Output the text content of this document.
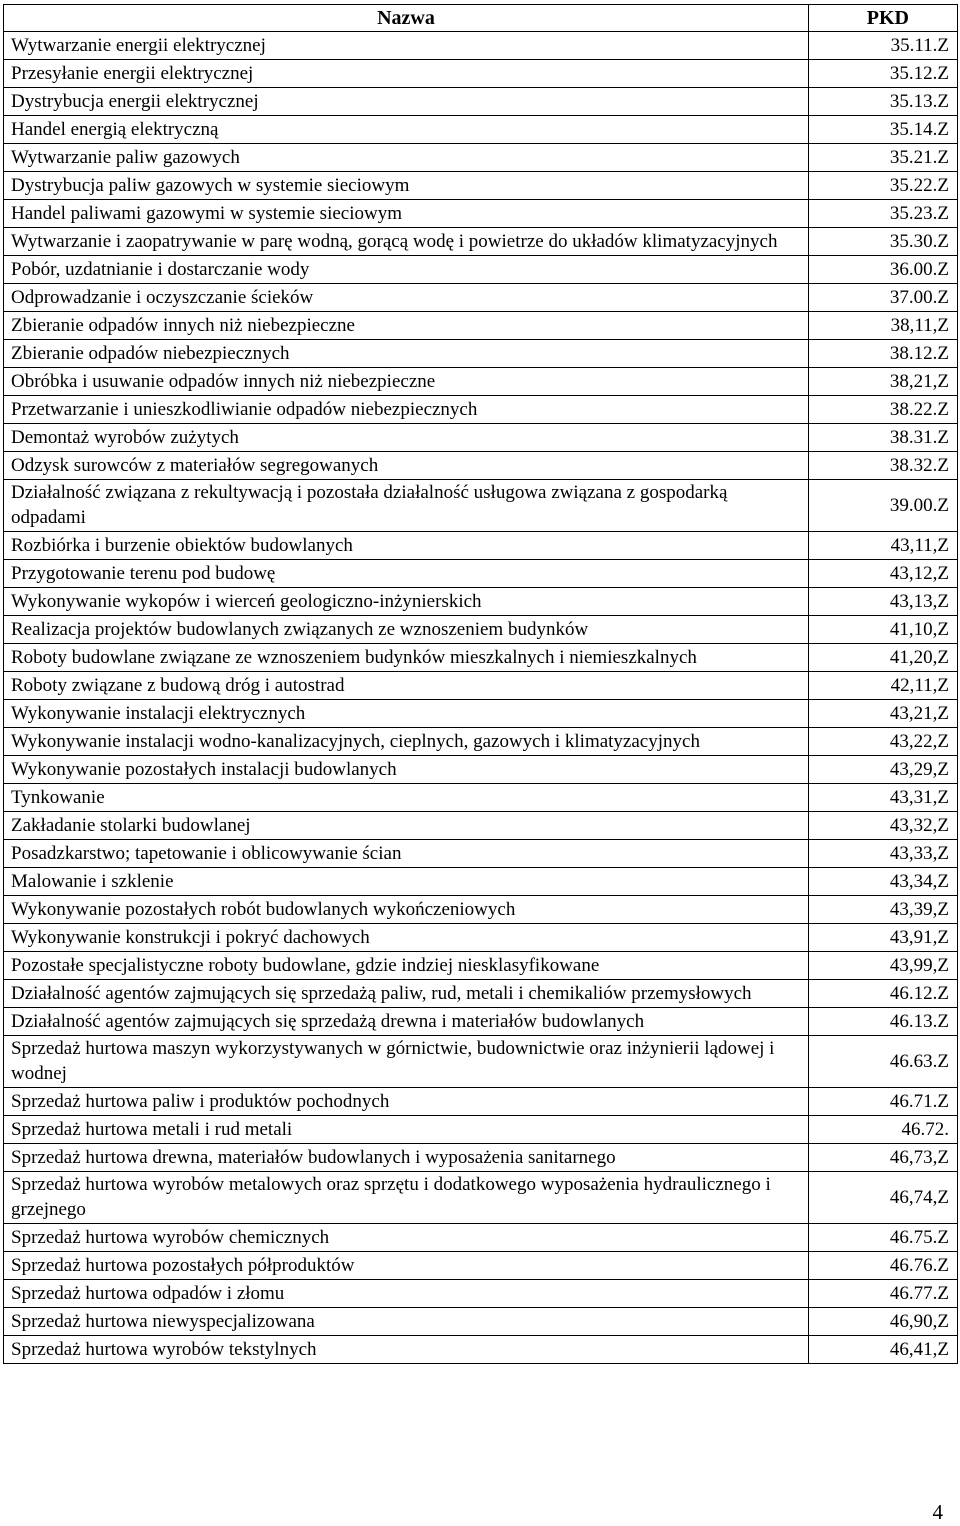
Nazwa	PKD
Wytwarzanie energii elektrycznej	35.11.Z
Przesyłanie energii elektrycznej	35.12.Z
Dystrybucja energii elektrycznej	35.13.Z
Handel energią elektryczną	35.14.Z
Wytwarzanie paliw gazowych	35.21.Z
Dystrybucja paliw gazowych w systemie sieciowym	35.22.Z
Handel paliwami gazowymi w systemie sieciowym	35.23.Z
Wytwarzanie i zaopatrywanie w parę wodną, gorącą wodę i powietrze do układów klimatyzacyjnych	35.30.Z
Pobór, uzdatnianie i dostarczanie wody	36.00.Z
Odprowadzanie i oczyszczanie ścieków	37.00.Z
Zbieranie odpadów innych niż niebezpieczne	38,11,Z
Zbieranie odpadów niebezpiecznych	38.12.Z
Obróbka i usuwanie odpadów innych niż niebezpieczne	38,21,Z
Przetwarzanie i unieszkodliwianie odpadów niebezpiecznych	38.22.Z
Demontaż wyrobów zużytych	38.31.Z
Odzysk surowców z materiałów segregowanych	38.32.Z
Działalność związana z rekultywacją i pozostała działalność usługowa związana z gospodarką odpadami	39.00.Z
Rozbiórka i burzenie obiektów budowlanych	43,11,Z
Przygotowanie terenu pod budowę	43,12,Z
Wykonywanie wykopów i wierceń geologiczno-inżynierskich	43,13,Z
Realizacja projektów budowlanych związanych ze wznoszeniem budynków	41,10,Z
Roboty budowlane związane ze wznoszeniem budynków mieszkalnych i niemieszkalnych	41,20,Z
Roboty związane z budową dróg i autostrad	42,11,Z
Wykonywanie instalacji elektrycznych	43,21,Z
Wykonywanie instalacji wodno-kanalizacyjnych, cieplnych, gazowych i klimatyzacyjnych	43,22,Z
Wykonywanie pozostałych instalacji budowlanych	43,29,Z
Tynkowanie	43,31,Z
Zakładanie stolarki budowlanej	43,32,Z
Posadzkarstwo; tapetowanie i oblicowywanie ścian	43,33,Z
Malowanie i szklenie	43,34,Z
Wykonywanie pozostałych robót budowlanych wykończeniowych	43,39,Z
Wykonywanie konstrukcji i pokryć dachowych	43,91,Z
Pozostałe specjalistyczne roboty budowlane, gdzie indziej niesklasyfikowane	43,99,Z
Działalność agentów zajmujących się sprzedażą paliw, rud, metali i chemikaliów przemysłowych	46.12.Z
Działalność agentów zajmujących się sprzedażą drewna i materiałów budowlanych	46.13.Z
Sprzedaż hurtowa maszyn wykorzystywanych w górnictwie, budownictwie oraz inżynierii lądowej i wodnej	46.63.Z
Sprzedaż hurtowa paliw i produktów pochodnych	46.71.Z
Sprzedaż hurtowa metali i rud metali	46.72.
Sprzedaż hurtowa drewna, materiałów budowlanych i wyposażenia sanitarnego	46,73,Z
Sprzedaż hurtowa wyrobów metalowych oraz sprzętu i dodatkowego wyposażenia hydraulicznego i grzejnego	46,74,Z
Sprzedaż hurtowa wyrobów chemicznych	46.75.Z
Sprzedaż hurtowa pozostałych półproduktów	46.76.Z
Sprzedaż hurtowa odpadów i złomu	46.77.Z
Sprzedaż hurtowa niewyspecjalizowana	46,90,Z
Sprzedaż hurtowa wyrobów tekstylnych	46,41,Z
4
